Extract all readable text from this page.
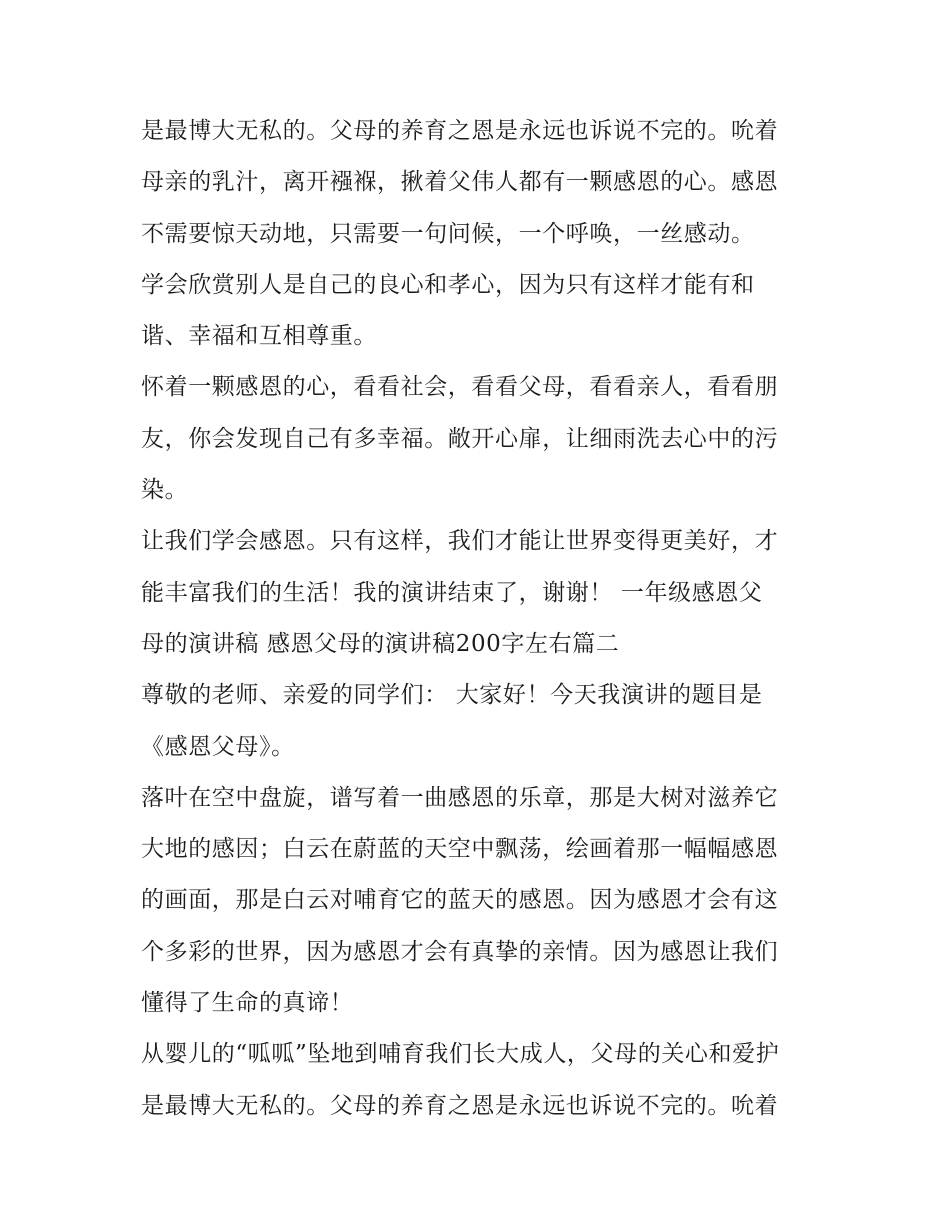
是最博大无私的。父母的养育之恩是永远也诉说不完的。吮着
母亲的乳汁，离开襁褓，揪着父伟人都有一颗感恩的心。感恩
不需要惊天动地，只需要一句问候，一个呼唤，一丝感动。
学会欣赏别人是自己的良心和孝心，因为只有这样才能有和
谐、幸福和互相尊重。
怀着一颗感恩的心，看看社会，看看父母，看看亲人，看看朋
友，你会发现自己有多幸福。敞开心扉，让细雨洗去心中的污
染。
让我们学会感恩。只有这样，我们才能让世界变得更美好，才
能丰富我们的生活！我的演讲结束了，谢谢！ 一年级感恩父
母的演讲稿 感恩父母的演讲稿200字左右篇二
尊敬的老师、亲爱的同学们： 大家好！今天我演讲的题目是
《感恩父母》。
落叶在空中盘旋，谱写着一曲感恩的乐章，那是大树对滋养它
大地的感因；白云在蔚蓝的天空中飘荡，绘画着那一幅幅感恩
的画面，那是白云对哺育它的蓝天的感恩。因为感恩才会有这
个多彩的世界，因为感恩才会有真挚的亲情。因为感恩让我们
懂得了生命的真谛！
从婴儿的“呱呱”坠地到哺育我们长大成人，父母的关心和爱护
是最博大无私的。父母的养育之恩是永远也诉说不完的。吮着
